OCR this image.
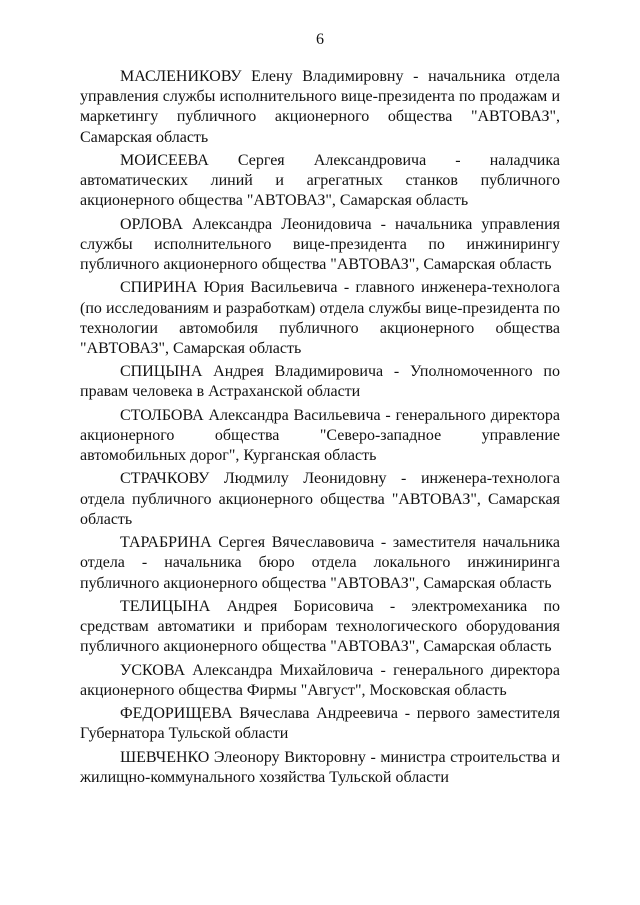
6

МАСЛЕНИКОВУ Елену Владимировну - начальника отдела управления службы исполнительного вице-президента по продажам и маркетингу публичного акционерного общества "АВТОВАЗ", Самарская область

МОИСЕЕВА Сергея Александровича - наладчика автоматических линий и агрегатных станков публичного акционерного общества "АВТОВАЗ", Самарская область

ОРЛОВА Александра Леонидовича - начальника управления службы исполнительного вице-президента по инжинирингу публичного акционерного общества "АВТОВАЗ", Самарская область

СПИРИНА Юрия Васильевича - главного инженера-технолога (по исследованиям и разработкам) отдела службы вице-президента по технологии автомобиля публичного акционерного общества "АВТОВАЗ", Самарская область

СПИЦЫНА Андрея Владимировича - Уполномоченного по правам человека в Астраханской области

СТОЛБОВА Александра Васильевича - генерального директора акционерного общества "Северо-западное управление автомобильных дорог", Курганская область

СТРАЧКОВУ Людмилу Леонидовну - инженера-технолога отдела публичного акционерного общества "АВТОВАЗ", Самарская область

ТАРАБРИНА Сергея Вячеславовича - заместителя начальника отдела - начальника бюро отдела локального инжиниринга публичного акционерного общества "АВТОВАЗ", Самарская область

ТЕЛИЦЫНА Андрея Борисовича - электромеханика по средствам автоматики и приборам технологического оборудования публичного акционерного общества "АВТОВАЗ", Самарская область

УСКОВА Александра Михайловича - генерального директора акционерного общества Фирмы "Август", Московская область

ФЕДОРИЩЕВА Вячеслава Андреевича - первого заместителя Губернатора Тульской области

ШЕВЧЕНКО Элеонору Викторовну - министра строительства и жилищно-коммунального хозяйства Тульской области
